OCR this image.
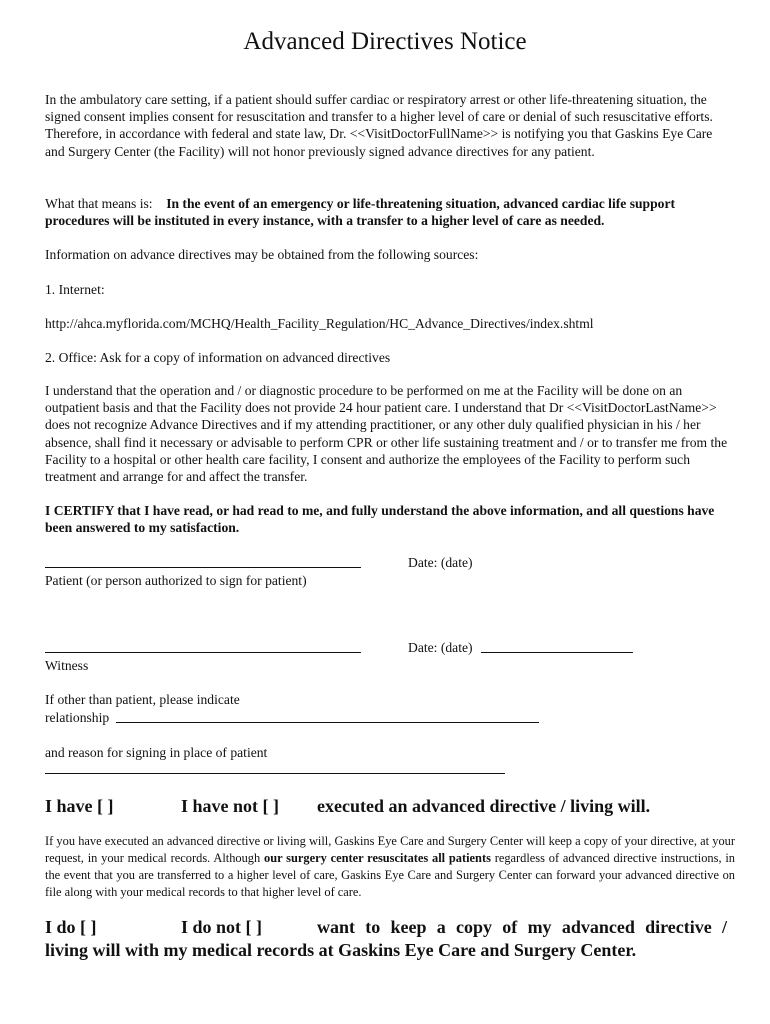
Advanced Directives Notice
In the ambulatory care setting, if a patient should suffer cardiac or respiratory arrest or other life-threatening situation, the signed consent implies consent for resuscitation and transfer to a higher level of care or denial of such resuscitative efforts. Therefore, in accordance with federal and state law, Dr. <<VisitDoctorFullName>> is notifying you that Gaskins Eye Care and Surgery Center (the Facility) will not honor previously signed advance directives for any patient.
What that means is: In the event of an emergency or life-threatening situation, advanced cardiac life support procedures will be instituted in every instance, with a transfer to a higher level of care as needed.
Information on advance directives may be obtained from the following sources:
1. Internet:
http://ahca.myflorida.com/MCHQ/Health_Facility_Regulation/HC_Advance_Directives/index.shtml
2. Office: Ask for a copy of information on advanced directives
I understand that the operation and / or diagnostic procedure to be performed on me at the Facility will be done on an outpatient basis and that the Facility does not provide 24 hour patient care. I understand that Dr <<VisitDoctorLastName>> does not recognize Advance Directives and if my attending practitioner, or any other duly qualified physician in his / her absence, shall find it necessary or advisable to perform CPR or other life sustaining treatment and / or to transfer me from the Facility to a hospital or other health care facility, I consent and authorize the employees of the Facility to perform such treatment and arrange for and affect the transfer.
I CERTIFY that I have read, or had read to me, and fully understand the above information, and all questions have been answered to my satisfaction.
Date: (date)
Patient (or person authorized to sign for patient)
Date: (date)
Witness
If other than patient, please indicate
relationship
and reason for signing in place of patient
I have [ ]	I have not [ ] executed an advanced directive / living will.
If you have executed an advanced directive or living will, Gaskins Eye Care and Surgery Center will keep a copy of your directive, at your request, in your medical records. Although our surgery center resuscitates all patients regardless of advanced directive instructions, in the event that you are transferred to a higher level of care, Gaskins Eye Care and Surgery Center can forward your advanced directive on file along with your medical records to that higher level of care.
I do [ ]	I do not [ ]	want to keep a copy of my advanced directive /
living will with my medical records at Gaskins Eye Care and Surgery Center.
